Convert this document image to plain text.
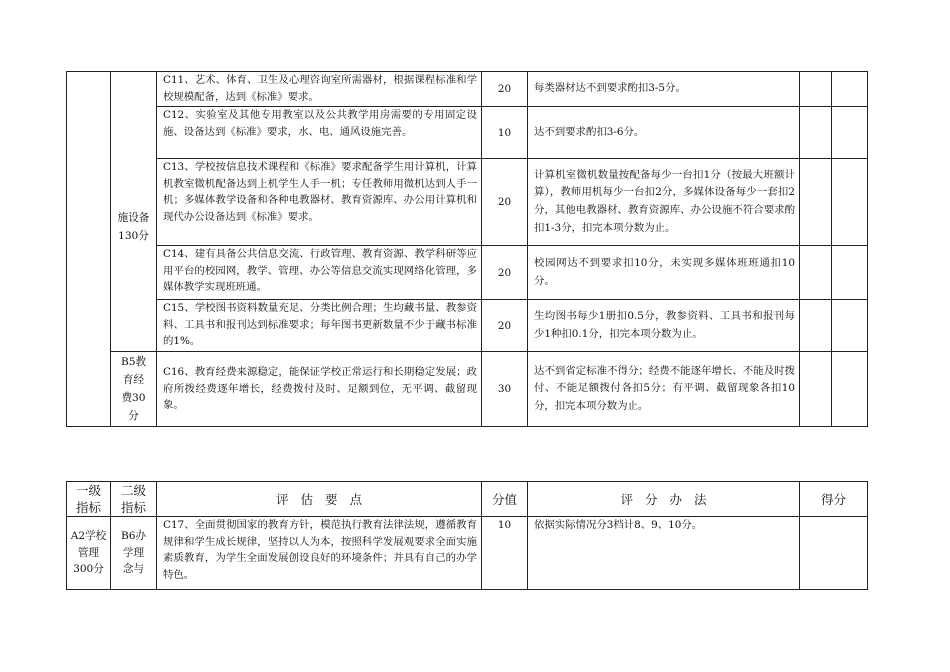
	施设备130分	C11、艺术、体育、卫生及心理咨询室所需器材，根据课程标准和学校规模配备，达到《标准》要求。	20	每类器材达不到要求酌扣3-5分。		
		C12、实验室及其他专用教室以及公共教学用房需要的专用固定设施、设备达到《标准》要求，水、电、通风设施完善。	10	达不到要求酌扣3-6分。		
		C13、学校按信息技术课程和《标准》要求配备学生用计算机，计算机教室微机配备达到上机学生人手一机；专任教师用微机达到人手一机；多媒体教学设备和各种电教器材、教育资源库、办公用计算机和现代办公设备达到《标准》要求。	20	计算机室微机数量按配备每少一台扣1分（按最大班额计算），教师用机每少一台扣2分，多媒体设备每少一套扣2分，其他电教器材、教育资源库、办公设施不符合要求酌扣1-3分，扣完本项分数为止。		
		C14、建有具备公共信息交流、行政管理、教育资源、教学科研等应用平台的校园网，教学、管理、办公等信息交流实现网络化管理，多媒体教学实现班班通。	20	校园网达不到要求扣10分，未实现多媒体班班通扣10分。		
		C15、学校图书资料数量充足、分类比例合理；生均藏书量、教参资料、工具书和报刊达到标准要求；每年图书更新数量不少于藏书标准的1%。	20	生均图书每少1册扣0.5分，教参资料、工具书和报刊每少1种扣0.1分，扣完本项分数为止。		

	B5教育经费30分	C16、教育经费来源稳定，能保证学校正常运行和长期稳定发展；政府所拨经费逐年增长，经费拨付及时、足额到位，无平调、截留现象。	30	达不到省定标准不得分；经费不能逐年增长、不能及时拨付、不能足额拨付各扣5分；有平调、截留现象各扣10分，扣完本项分数为止。		
一级指标	二级指标	评估要点	分值	评分办法	得分

A2学校管理300分	B6办学理念与	C17、全面贯彻国家的教育方针，模范执行教育法律法规，遵循教育规律和学生成长规律，坚持以人为本，按照科学发展观要求全面实施素质教育，为学生全面发展创设良好的环境条件；并具有自己的办学特色。	10	依据实际情况分3档计8、9、10分。	
